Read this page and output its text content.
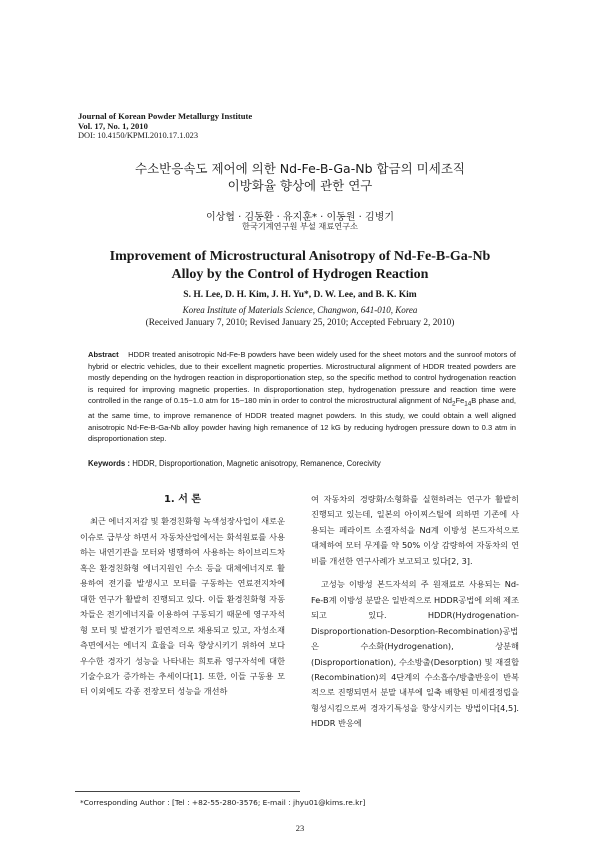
Journal of Korean Powder Metallurgy Institute
Vol. 17, No. 1, 2010
DOI: 10.4150/KPMI.2010.17.1.023
수소반응속도 제어에 의한 Nd-Fe-B-Ga-Nb 합금의 미세조직
이방화율 향상에 관한 연구
이상협 · 김동환 · 유지훈* · 이동원 · 김병기
한국기계연구원 부설 재료연구소
Improvement of Microstructural Anisotropy of Nd-Fe-B-Ga-Nb
Alloy by the Control of Hydrogen Reaction
S. H. Lee, D. H. Kim, J. H. Yu*, D. W. Lee, and B. K. Kim
Korea Institute of Materials Science, Changwon, 641-010, Korea
(Received January 7, 2010; Revised January 25, 2010; Accepted February 2, 2010)

Abstract HDDR treated anisotropic Nd-Fe-B powders have been widely used for the sheet motors and the sunroof motors of hybrid or electric vehicles, due to their excellent magnetic properties. Microstructural alignment of HDDR treated powders are mostly depending on the hydrogen reaction in disproportionation step, so the specific method to control hydrogenation reaction is required for improving magnetic properties. In disproportionation step, hydrogenation pressure and reaction time were controlled in the range of 0.15~1.0 atm for 15~180 min in order to control the microstructural alignment of $Nd_2Fe_{14}B$ phase and, at the same time, to improve remanence of HDDR treated magnet powders. In this study, we could obtain a well aligned anisotropic Nd-Fe-B-Ga-Nb alloy powder having high remanence of 12 kG by reducing hydrogen pressure down to 0.3 atm in disproportionation step.

Keywords : HDDR, Disproportionation, Magnetic anisotropy, Remanence, Corecivity

1. 서 론

최근 에너지저감 및 환경친화형 녹색성장사업이 새로운 이슈로 급부상 하면서 자동차산업에서는 화석원료를 사용하는 내연기관을 모터와 병행하여 사용하는 하이브리드차 혹은 환경친화형 에너지원인 수소 등을 대체에너지로 활용하여 전기를 발생시고 모터를 구동하는 연료전지차에 대한 연구가 활발히 진행되고 있다. 이들 환경친화형 자동차들은 전기에너지를 이용하여 구동되기 때문에 영구자석형 모터 및 발전기가 필연적으로 채용되고 있고, 자성소재 측면에서는 에너지 효율을 더욱 향상시키기 위하여 보다 우수한 경자기 성능을 나타내는 희토류 영구자석에 대한 기술수요가 증가하는 추세이다[1]. 또한, 이들 구동용 모터 이외에도 각종 전장모터 성능을 개선하

여 자동차의 경량화/소형화를 실현하려는 연구가 활발히 진행되고 있는데, 일본의 아이찌스틸에 의하면 기존에 사용되는 페라이트 소결자석을 Nd계 이방성 본드자석으로 대체하여 모터 무게를 약 50% 이상 감량하여 자동차의 연비를 개선한 연구사례가 보고되고 있다[2, 3].

고성능 이방성 본드자석의 주 원재료로 사용되는 Nd-Fe-B계 이방성 분말은 일반적으로 HDDR공법에 의해 제조되고 있다. HDDR(Hydrogenation-Disproportionation-Desorption-Recombination)공법은 수소화(Hydrogenation), 상분해(Disproportionation), 수소방출(Desorption) 및 재결합(Recombination)의 4단계의 수소흡수/방출반응이 반복적으로 진행되면서 분말 내부에 일축 배향된 미세결정립을 형성시킴으로써 경자기특성을 향상시키는 방법이다[4,5]. HDDR 반응에

*Corresponding Author : [Tel : +82-55-280-3576; E-mail : jhyu01@kims.re.kr]
23
